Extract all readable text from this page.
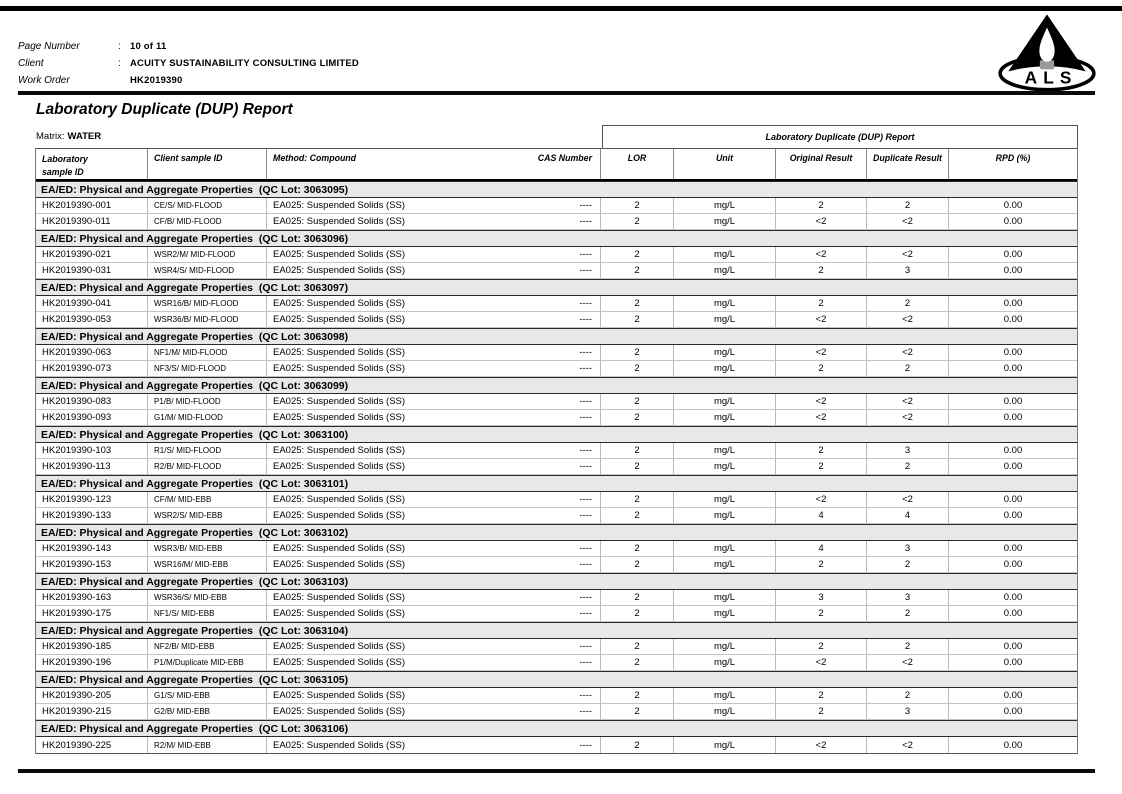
Page Number	: 10 of 11
Client	: ACUITY SUSTAINABILITY CONSULTING LIMITED
Work Order	HK2019390	ALS
Laboratory Duplicate (DUP) Report
Matrix: WATER	Laboratory Duplicate (DUP) Report
Laboratory
sample ID
Client sample ID	Method: Compound	CAS Number	LOR	Unit	Original Result	Duplicate Result	RPD (%)
EA/ED: Physical and Aggregate Properties  (QC Lot: 3063095)
HK2019390-001	CE/S/ MID-FLOOD	EA025: Suspended Solids (SS)	----	2	mg/L	2	2	0.00
HK2019390-011	CF/B/ MID-FLOOD	EA025: Suspended Solids (SS)	----	2	mg/L	<2	<2	0.00
EA/ED: Physical and Aggregate Properties  (QC Lot: 3063096)
HK2019390-021	WSR2/M/ MID-FLOOD	EA025: Suspended Solids (SS)	----	2	mg/L	<2	<2	0.00
HK2019390-031	WSR4/S/ MID-FLOOD	EA025: Suspended Solids (SS)	----	2	mg/L	2	3	0.00
EA/ED: Physical and Aggregate Properties  (QC Lot: 3063097)
HK2019390-041	WSR16/B/ MID-FLOOD	EA025: Suspended Solids (SS)	----	2	mg/L	2	2	0.00
HK2019390-053	WSR36/B/ MID-FLOOD	EA025: Suspended Solids (SS)	----	2	mg/L	<2	<2	0.00
EA/ED: Physical and Aggregate Properties  (QC Lot: 3063098)
HK2019390-063	NF1/M/ MID-FLOOD	EA025: Suspended Solids (SS)	----	2	mg/L	<2	<2	0.00
HK2019390-073	NF3/S/ MID-FLOOD	EA025: Suspended Solids (SS)	----	2	mg/L	2	2	0.00
EA/ED: Physical and Aggregate Properties  (QC Lot: 3063099)
HK2019390-083	P1/B/ MID-FLOOD	EA025: Suspended Solids (SS)	----	2	mg/L	<2	<2	0.00
HK2019390-093	G1/M/ MID-FLOOD	EA025: Suspended Solids (SS)	----	2	mg/L	<2	<2	0.00
EA/ED: Physical and Aggregate Properties  (QC Lot: 3063100)
HK2019390-103	R1/S/ MID-FLOOD	EA025: Suspended Solids (SS)	----	2	mg/L	2	3	0.00
HK2019390-113	R2/B/ MID-FLOOD	EA025: Suspended Solids (SS)	----	2	mg/L	2	2	0.00
EA/ED: Physical and Aggregate Properties  (QC Lot: 3063101)
HK2019390-123	CF/M/ MID-EBB	EA025: Suspended Solids (SS)	----	2	mg/L	<2	<2	0.00
HK2019390-133	WSR2/S/ MID-EBB	EA025: Suspended Solids (SS)	----	2	mg/L	4	4	0.00
EA/ED: Physical and Aggregate Properties  (QC Lot: 3063102)
HK2019390-143	WSR3/B/ MID-EBB	EA025: Suspended Solids (SS)	----	2	mg/L	4	3	0.00
HK2019390-153	WSR16/M/ MID-EBB	EA025: Suspended Solids (SS)	----	2	mg/L	2	2	0.00
EA/ED: Physical and Aggregate Properties  (QC Lot: 3063103)
HK2019390-163	WSR36/S/ MID-EBB	EA025: Suspended Solids (SS)	----	2	mg/L	3	3	0.00
HK2019390-175	NF1/S/ MID-EBB	EA025: Suspended Solids (SS)	----	2	mg/L	2	2	0.00
EA/ED: Physical and Aggregate Properties  (QC Lot: 3063104)
HK2019390-185	NF2/B/ MID-EBB	EA025: Suspended Solids (SS)	----	2	mg/L	2	2	0.00
HK2019390-196	P1/M/Duplicate MID-EBB	EA025: Suspended Solids (SS)	----	2	mg/L	<2	<2	0.00
EA/ED: Physical and Aggregate Properties  (QC Lot: 3063105)
HK2019390-205	G1/S/ MID-EBB	EA025: Suspended Solids (SS)	----	2	mg/L	2	2	0.00
HK2019390-215	G2/B/ MID-EBB	EA025: Suspended Solids (SS)	----	2	mg/L	2	3	0.00
EA/ED: Physical and Aggregate Properties  (QC Lot: 3063106)
HK2019390-225	R2/M/ MID-EBB	EA025: Suspended Solids (SS)	----	2	mg/L	<2	<2	0.00
